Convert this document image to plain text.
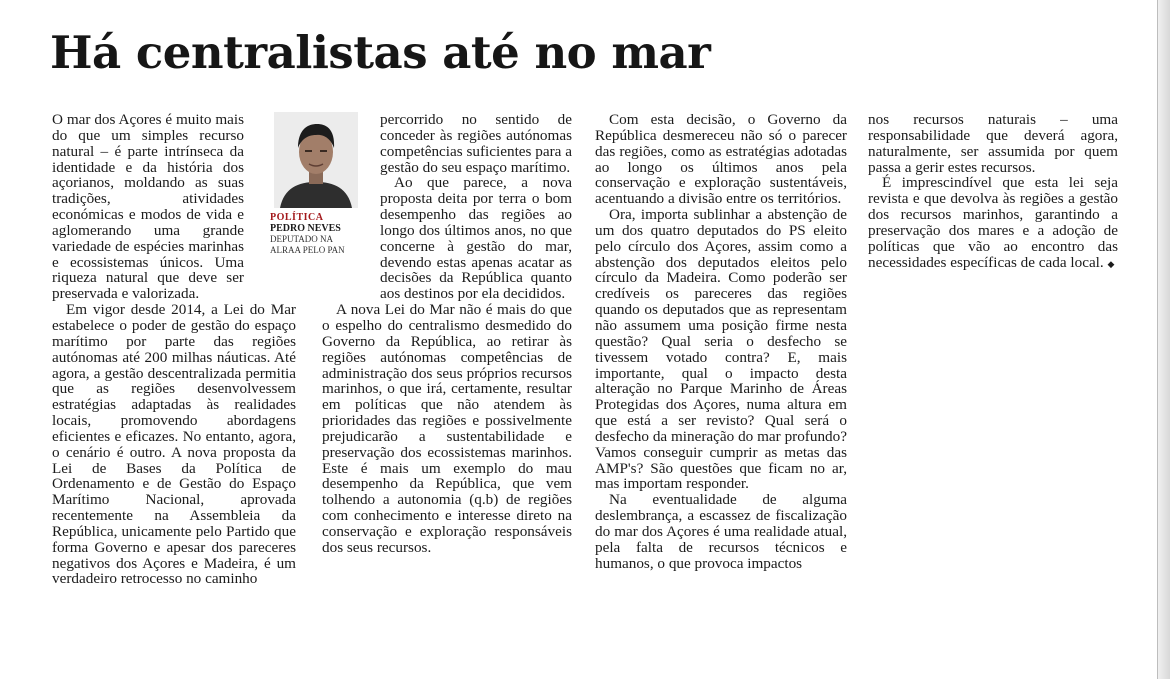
Há centralistas até no mar

O mar dos Açores é muito mais do que um simples recurso natural – é parte intrínseca da identidade e da história dos açorianos, moldando as suas tradições, atividades económicas e modos de vida e aglomerando uma grande variedade de espécies marinhas e ecossistemas únicos. Uma riqueza natural que deve ser preservada e valorizada.

Em vigor desde 2014, a Lei do Mar estabelece o poder de gestão do espaço marítimo por parte das regiões autónomas até 200 milhas náuticas. Até agora, a gestão descentralizada permitia que as regiões desenvolvessem estratégias adaptadas às realidades locais, promovendo abordagens eficientes e eficazes. No entanto, agora, o cenário é outro. A nova proposta da Lei de Bases da Política de Ordenamento e de Gestão do Espaço Marítimo Nacional, aprovada recentemente na Assembleia da República, unicamente pelo Partido que forma Governo e apesar dos pareceres negativos dos Açores e Madeira, é um verdadeiro retrocesso no caminho

POLÍTICA
PEDRO NEVES
DEPUTADO NA
ALRAA PELO PAN

percorrido no sentido de conceder às regiões autónomas competências suficientes para a gestão do seu espaço marítimo.

Ao que parece, a nova proposta deita por terra o bom desempenho das regiões ao longo dos últimos anos, no que concerne à gestão do mar, devendo estas apenas acatar as decisões da República quanto aos destinos por ela decididos.

A nova Lei do Mar não é mais do que o espelho do centralismo desmedido do Governo da República, ao retirar às regiões autónomas competências de administração dos seus próprios recursos marinhos, o que irá, certamente, resultar em políticas que não atendem às prioridades das regiões e possivelmente prejudicarão a sustentabilidade e preservação dos ecossistemas marinhos. Este é mais um exemplo do mau desempenho da República, que vem tolhendo a autonomia (q.b) de regiões com conhecimento e interesse direto na conservação e exploração responsáveis dos seus recursos.

Com esta decisão, o Governo da República desmereceu não só o parecer das regiões, como as estratégias adotadas ao longo os últimos anos pela conservação e exploração sustentáveis, acentuando a divisão entre os territórios.

Ora, importa sublinhar a abstenção de um dos quatro deputados do PS eleito pelo círculo dos Açores, assim como a abstenção dos deputados eleitos pelo círculo da Madeira. Como poderão ser credíveis os pareceres das regiões quando os deputados que as representam não assumem uma posição firme nesta questão? Qual seria o desfecho se tivessem votado contra? E, mais importante, qual o impacto desta alteração no Parque Marinho de Áreas Protegidas dos Açores, numa altura em que está a ser revisto? Qual será o desfecho da mineração do mar profundo? Vamos conseguir cumprir as metas das AMP's? São questões que ficam no ar, mas importam responder.

Na eventualidade de alguma deslembrança, a escassez de fiscalização do mar dos Açores é uma realidade atual, pela falta de recursos técnicos e humanos, o que provoca impactos

nos recursos naturais – uma responsabilidade que deverá agora, naturalmente, ser assumida por quem passa a gerir estes recursos.

É imprescindível que esta lei seja revista e que devolva às regiões a gestão dos recursos marinhos, garantindo a preservação dos mares e a adoção de políticas que vão ao encontro das necessidades específicas de cada local. ◆
